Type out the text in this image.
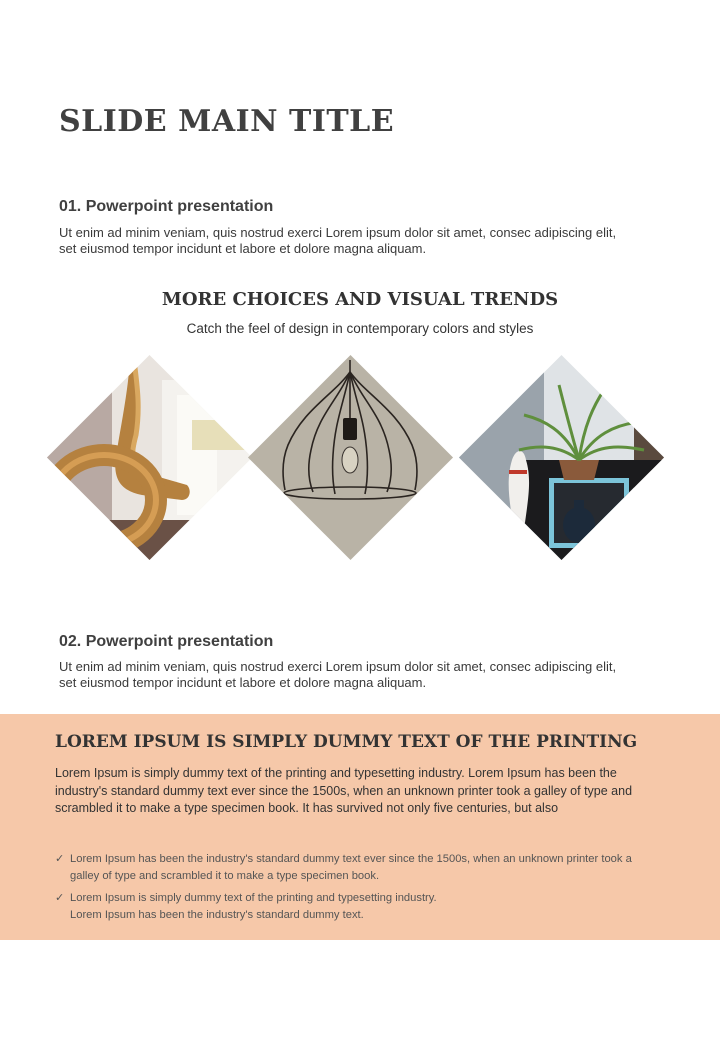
SLIDE MAIN TITLE
01. Powerpoint presentation

Ut enim ad minim veniam, quis nostrud exerci Lorem ipsum dolor sit amet, consec adipiscing elit, set eiusmod tempor incidunt et labore et dolore magna aliquam.

MORE CHOICES AND VISUAL TRENDS

Catch the feel of design in contemporary colors and styles

02. Powerpoint presentation

Ut enim ad minim veniam, quis nostrud exerci Lorem ipsum dolor sit amet, consec adipiscing elit, set eiusmod tempor incidunt et labore et dolore magna aliquam.

LOREM IPSUM IS SIMPLY DUMMY TEXT OF THE PRINTING

Lorem Ipsum is simply dummy text of the printing and typesetting industry. Lorem Ipsum has been the industry's standard dummy text ever since the 1500s, when an unknown printer took a galley of type and scrambled it to make a type specimen book. It has survived not only five centuries, but also

✓ Lorem Ipsum has been the industry's standard dummy text ever since the 1500s, when an unknown printer took a galley of type and scrambled it to make a type specimen book.
✓ Lorem Ipsum is simply dummy text of the printing and typesetting industry.
Lorem Ipsum has been the industry's standard dummy text.
